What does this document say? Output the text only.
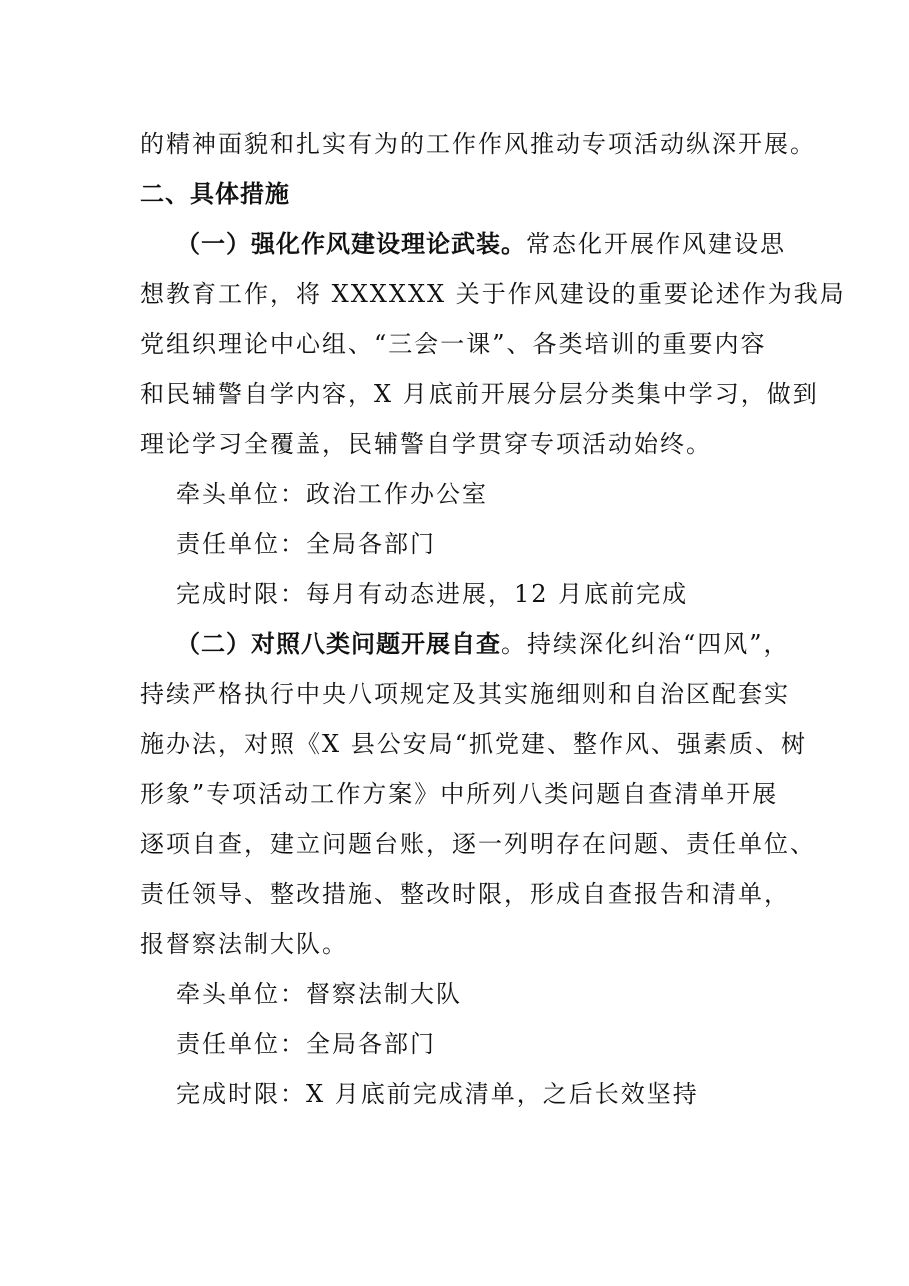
的精神面貌和扎实有为的工作作风推动专项活动纵深开展。
二、具体措施
（一）强化作风建设理论武装。常态化开展作风建设思
想教育工作，将 XXXXXX 关于作风建设的重要论述作为我局
党组织理论中心组、“三会一课”、各类培训的重要内容
和民辅警自学内容，X 月底前开展分层分类集中学习，做到
理论学习全覆盖，民辅警自学贯穿专项活动始终。
牵头单位：政治工作办公室
责任单位：全局各部门
完成时限：每月有动态进展，12 月底前完成
（二）对照八类问题开展自查。持续深化纠治“四风”，
持续严格执行中央八项规定及其实施细则和自治区配套实
施办法，对照《X 县公安局“抓党建、整作风、强素质、树
形象”专项活动工作方案》中所列八类问题自查清单开展
逐项自查，建立问题台账，逐一列明存在问题、责任单位、
责任领导、整改措施、整改时限，形成自查报告和清单，
报督察法制大队。
牵头单位：督察法制大队
责任单位：全局各部门
完成时限：X 月底前完成清单，之后长效坚持
